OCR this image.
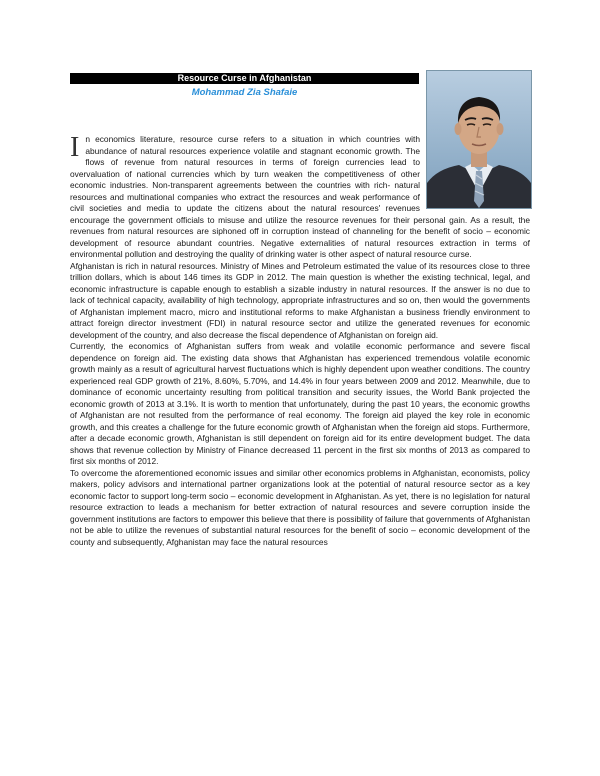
Resource Curse in Afghanistan
Mohammad Zia Shafaie

In economics literature, resource curse refers to a situation in which countries with abundance of natural resources experience volatile and stagnant economic growth. The flows of revenue from natural resources in terms of foreign currencies lead to overvaluation of national currencies which by turn weaken the competitiveness of other economic industries. Non-transparent agreements between the countries with rich- natural resources and multinational companies who extract the resources and weak performance of civil societies and media to update the citizens about the natural resources' revenues encourage the government officials to misuse and utilize the resource revenues for their personal gain. As a result, the revenues from natural resources are siphoned off in corruption instead of channeling for the benefit of socio – economic development of resource abundant countries. Negative externalities of natural resources extraction in terms of environmental pollution and destroying the quality of drinking water is other aspect of natural resource curse.

Afghanistan is rich in natural resources. Ministry of Mines and Petroleum estimated the value of its resources close to three trillion dollars, which is about 146 times its GDP in 2012. The main question is whether the existing technical, legal, and economic infrastructure is capable enough to establish a sizable industry in natural resources. If the answer is no due to lack of technical capacity, availability of high technology, appropriate infrastructures and so on, then would the governments of Afghanistan implement macro, micro and institutional reforms to make Afghanistan a business friendly environment to attract foreign director investment (FDI) in natural resource sector and utilize the generated revenues for economic development of the country, and also decrease the fiscal dependence of Afghanistan on foreign aid.

Currently, the economics of Afghanistan suffers from weak and volatile economic performance and severe fiscal dependence on foreign aid. The existing data shows that Afghanistan has experienced tremendous volatile economic growth mainly as a result of agricultural harvest fluctuations which is highly dependent upon weather conditions. The country experienced real GDP growth of 21%, 8.60%, 5.70%, and 14.4% in four years between 2009 and 2012. Meanwhile, due to dominance of economic uncertainty resulting from political transition and security issues, the World Bank projected the economic growth of 2013 at 3.1%. It is worth to mention that unfortunately, during the past 10 years, the economic growths of Afghanistan are not resulted from the performance of real economy. The foreign aid played the key role in economic growth, and this creates a challenge for the future economic growth of Afghanistan when the foreign aid stops. Furthermore, after a decade economic growth, Afghanistan is still dependent on foreign aid for its entire development budget. The data shows that revenue collection by Ministry of Finance decreased 11 percent in the first six months of 2013 as compared to first six months of 2012.

To overcome the aforementioned economic issues and similar other economics problems in Afghanistan, economists, policy makers, policy advisors and international partner organizations look at the potential of natural resource sector as a key economic factor to support long-term socio – economic development in Afghanistan. As yet, there is no legislation for natural resource extraction to leads a mechanism for better extraction of natural resources and severe corruption inside the government institutions are factors to empower this believe that there is possibility of failure that governments of Afghanistan not be able to utilize the revenues of substantial natural resources for the benefit of socio – economic development of the county and subsequently, Afghanistan may face the natural resources
